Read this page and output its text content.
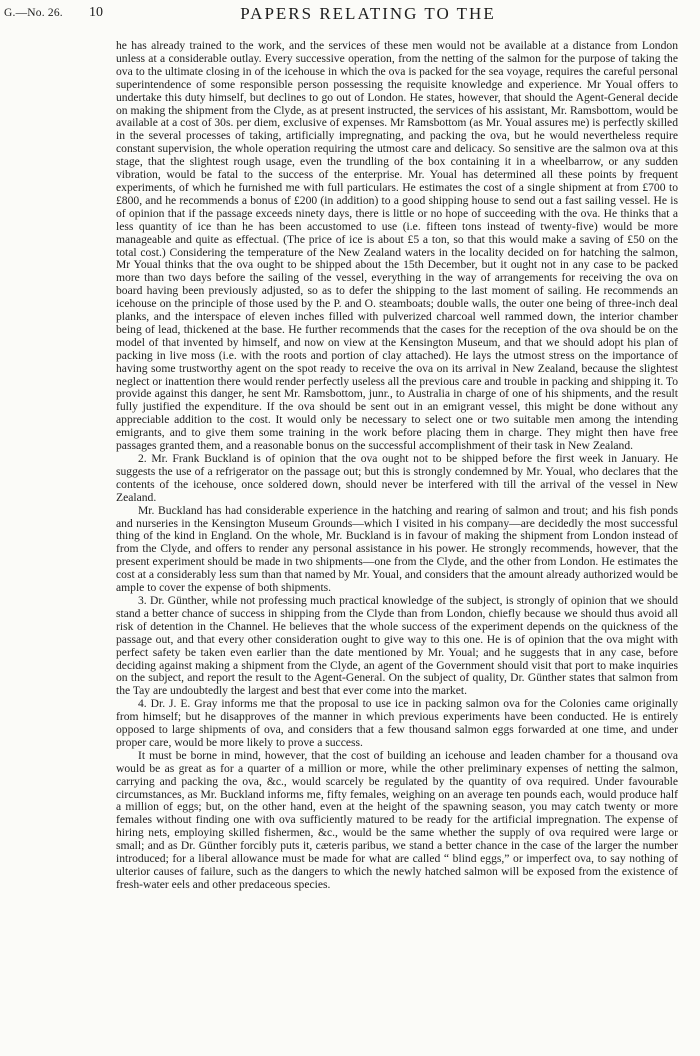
G.—No. 26. 10	PAPERS RELATING TO THE

he has already trained to the work, and the services of these men would not be available at a distance from London unless at a considerable outlay. Every successive operation, from the netting of the salmon for the purpose of taking the ova to the ultimate closing in of the icehouse in which the ova is packed for the sea voyage, requires the careful personal superintendence of some responsible person possessing the requisite knowledge and experience. Mr Youal offers to undertake this duty himself, but declines to go out of London. He states, however, that should the Agent-General decide on making the shipment from the Clyde, as at present instructed, the services of his assistant, Mr. Ramsbottom, would be available at a cost of 30s. per diem, exclusive of expenses. Mr Ramsbottom (as Mr. Youal assures me) is perfectly skilled in the several processes of taking, artificially impregnating, and packing the ova, but he would nevertheless require constant supervision, the whole operation requiring the utmost care and delicacy. So sensitive are the salmon ova at this stage, that the slightest rough usage, even the trundling of the box containing it in a wheelbarrow, or any sudden vibration, would be fatal to the success of the enterprise. Mr. Youal has determined all these points by frequent experiments, of which he furnished me with full particulars. He estimates the cost of a single shipment at from £700 to £800, and he recommends a bonus of £200 (in addition) to a good shipping house to send out a fast sailing vessel. He is of opinion that if the passage exceeds ninety days, there is little or no hope of succeeding with the ova. He thinks that a less quantity of ice than he has been accustomed to use (i.e. fifteen tons instead of twenty-five) would be more manageable and quite as effectual. (The price of ice is about £5 a ton, so that this would make a saving of £50 on the total cost.) Considering the temperature of the New Zealand waters in the locality decided on for hatching the salmon, Mr Youal thinks that the ova ought to be shipped about the 15th December, but it ought not in any case to be packed more than two days before the sailing of the vessel, everything in the way of arrangements for receiving the ova on board having been previously adjusted, so as to defer the shipping to the last moment of sailing. He recommends an icehouse on the principle of those used by the P. and O. steamboats; double walls, the outer one being of three-inch deal planks, and the interspace of eleven inches filled with pulverized charcoal well rammed down, the interior chamber being of lead, thickened at the base. He further recommends that the cases for the reception of the ova should be on the model of that invented by himself, and now on view at the Kensington Museum, and that we should adopt his plan of packing in live moss (i.e. with the roots and portion of clay attached). He lays the utmost stress on the importance of having some trustworthy agent on the spot ready to receive the ova on its arrival in New Zealand, because the slightest neglect or inattention there would render perfectly useless all the previous care and trouble in packing and shipping it. To provide against this danger, he sent Mr. Ramsbottom, junr., to Australia in charge of one of his shipments, and the result fully justified the expenditure. If the ova should be sent out in an emigrant vessel, this might be done without any appreciable addition to the cost. It would only be necessary to select one or two suitable men among the intending emigrants, and to give them some training in the work before placing them in charge. They might then have free passages granted them, and a reasonable bonus on the successful accomplishment of their task in New Zealand.

2. Mr. Frank Buckland is of opinion that the ova ought not to be shipped before the first week in January. He suggests the use of a refrigerator on the passage out; but this is strongly condemned by Mr. Youal, who declares that the contents of the icehouse, once soldered down, should never be interfered with till the arrival of the vessel in New Zealand.

Mr. Buckland has had considerable experience in the hatching and rearing of salmon and trout; and his fish ponds and nurseries in the Kensington Museum Grounds—which I visited in his company—are decidedly the most successful thing of the kind in England. On the whole, Mr. Buckland is in favour of making the shipment from London instead of from the Clyde, and offers to render any personal assistance in his power. He strongly recommends, however, that the present experiment should be made in two shipments—one from the Clyde, and the other from London. He estimates the cost at a considerably less sum than that named by Mr. Youal, and considers that the amount already authorized would be ample to cover the expense of both shipments.

3. Dr. Günther, while not professing much practical knowledge of the subject, is strongly of opinion that we should stand a better chance of success in shipping from the Clyde than from London, chiefly because we should thus avoid all risk of detention in the Channel. He believes that the whole success of the experiment depends on the quickness of the passage out, and that every other consideration ought to give way to this one. He is of opinion that the ova might with perfect safety be taken even earlier than the date mentioned by Mr. Youal; and he suggests that in any case, before deciding against making a shipment from the Clyde, an agent of the Government should visit that port to make inquiries on the subject, and report the result to the Agent-General. On the subject of quality, Dr. Günther states that salmon from the Tay are undoubtedly the largest and best that ever come into the market.

4. Dr. J. E. Gray informs me that the proposal to use ice in packing salmon ova for the Colonies came originally from himself; but he disapproves of the manner in which previous experiments have been conducted. He is entirely opposed to large shipments of ova, and considers that a few thousand salmon eggs forwarded at one time, and under proper care, would be more likely to prove a success.

It must be borne in mind, however, that the cost of building an icehouse and leaden chamber for a thousand ova would be as great as for a quarter of a million or more, while the other preliminary expenses of netting the salmon, carrying and packing the ova, &c., would scarcely be regulated by the quantity of ova required. Under favourable circumstances, as Mr. Buckland informs me, fifty females, weighing on an average ten pounds each, would produce half a million of eggs; but, on the other hand, even at the height of the spawning season, you may catch twenty or more females without finding one with ova sufficiently matured to be ready for the artificial impregnation. The expense of hiring nets, employing skilled fishermen, &c., would be the same whether the supply of ova required were large or small; and as Dr. Günther forcibly puts it, cæteris paribus, we stand a better chance in the case of the larger the number introduced; for a liberal allowance must be made for what are called “ blind eggs,” or imperfect ova, to say nothing of ulterior causes of failure, such as the dangers to which the newly hatched salmon will be exposed from the existence of fresh-water eels and other predaceous species.
